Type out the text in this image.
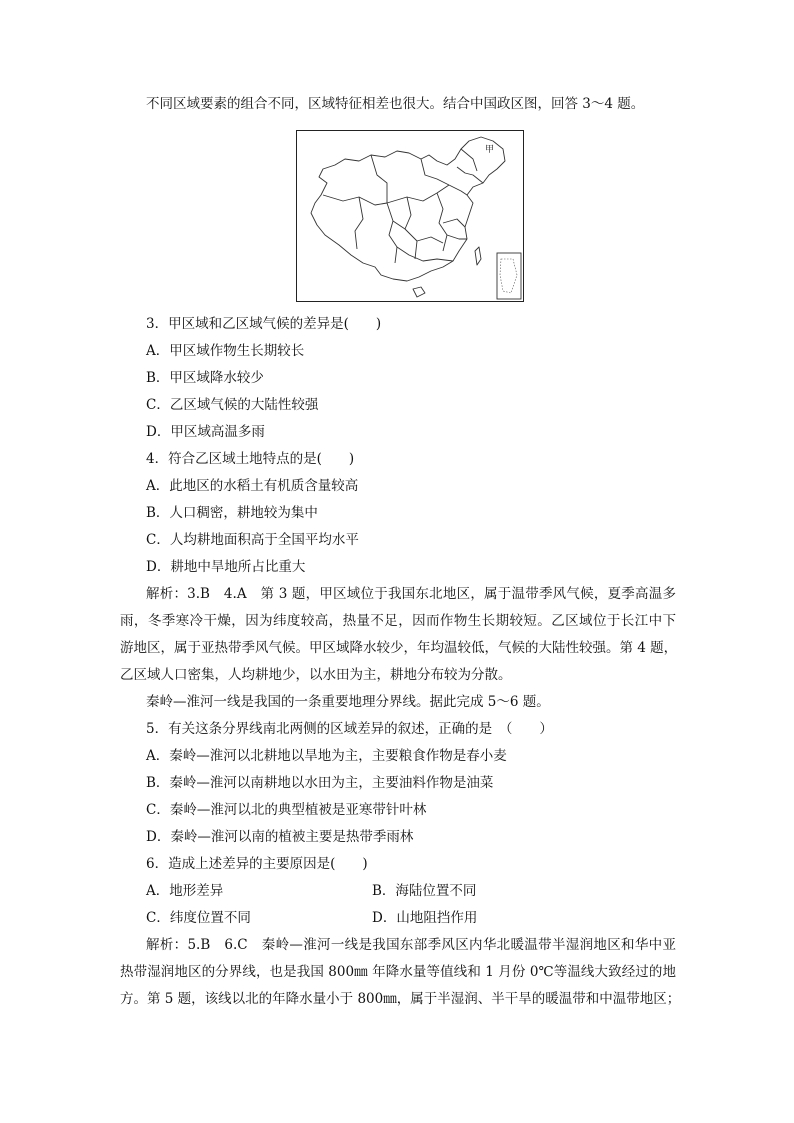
不同区域要素的组合不同，区域特征相差也很大。结合中国政区图，回答 3～4 题。
甲
3．甲区域和乙区域气候的差异是(　　)
A．甲区域作物生长期较长
B．甲区域降水较少
C．乙区域气候的大陆性较强
D．甲区域高温多雨
4．符合乙区域土地特点的是(　　)
A．此地区的水稻土有机质含量较高
B．人口稠密，耕地较为集中
C．人均耕地面积高于全国平均水平
D．耕地中旱地所占比重大
解析：3.B　4.A　第 3 题，甲区域位于我国东北地区，属于温带季风气候，夏季高温多
雨，冬季寒冷干燥，因为纬度较高，热量不足，因而作物生长期较短。乙区域位于长江中下
游地区，属于亚热带季风气候。甲区域降水较少，年均温较低，气候的大陆性较强。第 4 题，
乙区域人口密集，人均耕地少，以水田为主，耕地分布较为分散。
秦岭—淮河一线是我国的一条重要地理分界线。据此完成 5～6 题。
5．有关这条分界线南北两侧的区域差异的叙述，正确的是　（　　）
A．秦岭—淮河以北耕地以旱地为主，主要粮食作物是春小麦
B．秦岭—淮河以南耕地以水田为主，主要油料作物是油菜
C．秦岭—淮河以北的典型植被是亚寒带针叶林
D．秦岭—淮河以南的植被主要是热带季雨林
6．造成上述差异的主要原因是(　　)
A．地形差异	B．海陆位置不同
C．纬度位置不同	D．山地阻挡作用
解析：5.B　6.C　秦岭—淮河一线是我国东部季风区内华北暖温带半湿润地区和华中亚
热带湿润地区的分界线，也是我国 800㎜ 年降水量等值线和 1 月份 0℃等温线大致经过的地
方。第 5 题，该线以北的年降水量小于 800㎜，属于半湿润、半干旱的暖温带和中温带地区；
